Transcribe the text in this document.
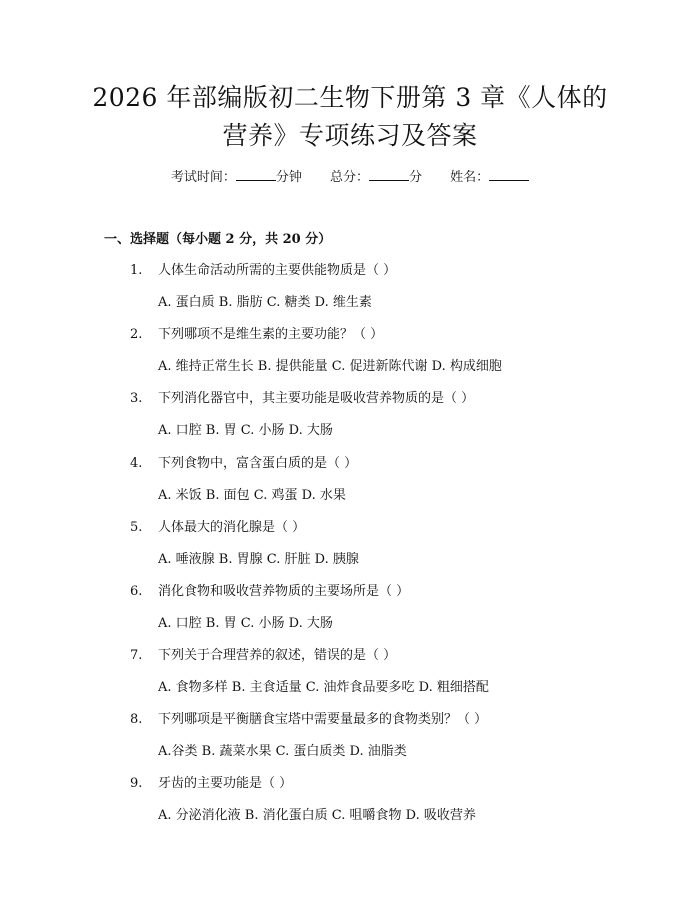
2026 年部编版初二生物下册第 3 章《人体的
营养》专项练习及答案
考试时间：	分钟 总分：	分 姓名：
一、选择题（每小题 2 分，共 20 分）
1. 人体生命活动所需的主要供能物质是（ ）
A. 蛋白质 B. 脂肪 C. 糖类 D. 维生素
2. 下列哪项不是维生素的主要功能？（ ）
A. 维持正常生长 B. 提供能量 C. 促进新陈代谢 D. 构成细胞
3. 下列消化器官中，其主要功能是吸收营养物质的是（ ）
A. 口腔 B. 胃 C. 小肠 D. 大肠
4. 下列食物中，富含蛋白质的是（ ）
A. 米饭 B. 面包 C. 鸡蛋 D. 水果
5. 人体最大的消化腺是（ ）
A. 唾液腺 B. 胃腺 C. 肝脏 D. 胰腺
6. 消化食物和吸收营养物质的主要场所是（ ）
A. 口腔 B. 胃 C. 小肠 D. 大肠
7. 下列关于合理营养的叙述，错误的是（ ）
A. 食物多样 B. 主食适量 C. 油炸食品要多吃 D. 粗细搭配
8. 下列哪项是平衡膳食宝塔中需要量最多的食物类别？（ ）
A.谷类 B. 蔬菜水果 C. 蛋白质类 D. 油脂类
9. 牙齿的主要功能是（ ）
A. 分泌消化液 B. 消化蛋白质 C. 咀嚼食物 D. 吸收营养
